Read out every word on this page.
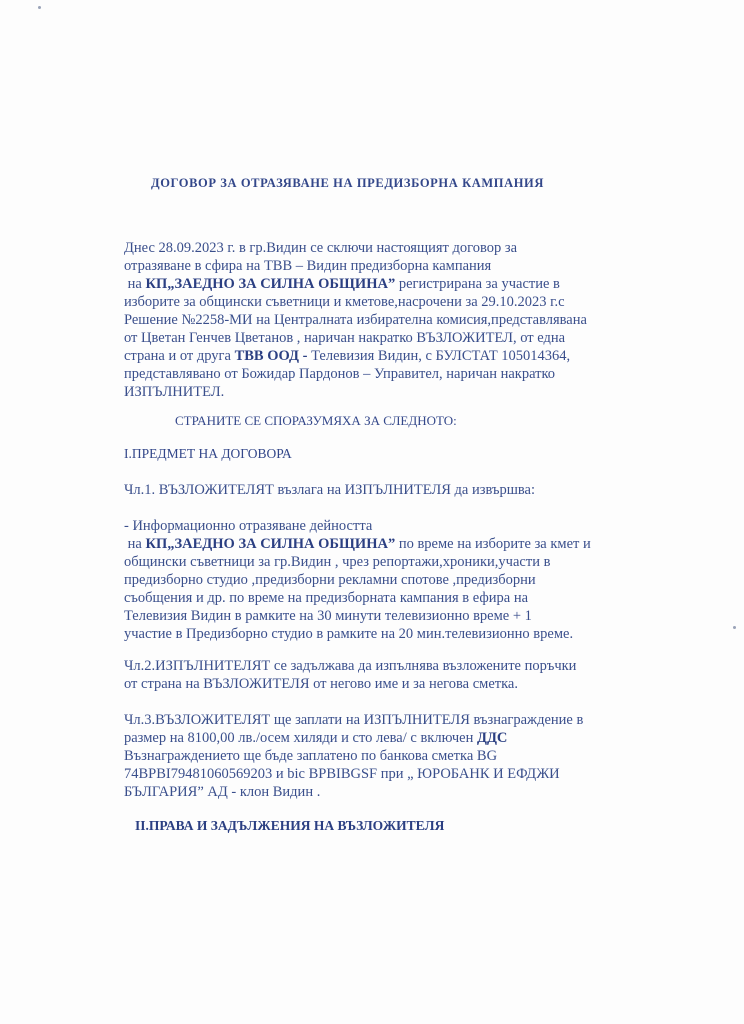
ДОГОВОР ЗА ОТРАЗЯВАНЕ НА ПРЕДИЗБОРНА КАМПАНИЯ
Днес 28.09.2023 г. в гр.Видин се сключи настоящият договор за
отразяване в сфира на ТВВ – Видин предизборна кампания
на КП„ЗАЕДНО ЗА СИЛНА ОБЩИНА” регистрирана за участие в
изборите за общински съветници и кметове,насрочени за 29.10.2023 г.с
Решение №2258-МИ на Централната избирателна комисия,представлявана
от Цветан Генчев Цветанов , наричан накратко ВЪЗЛОЖИТЕЛ, от една
страна и от друга ТВВ ООД - Телевизия Видин, с БУЛСТАТ 105014364,
представлявано от Божидар Пардонов – Управител, наричан накратко
ИЗПЪЛНИТЕЛ.
СТРАНИТЕ СЕ СПОРАЗУМЯХА ЗА СЛЕДНОТО:
I.ПРЕДМЕТ НА ДОГОВОРА
Чл.1. ВЪЗЛОЖИТЕЛЯТ възлага на ИЗПЪЛНИТЕЛЯ да извършва:
- Информационно отразяване дейността
на КП„ЗАЕДНО ЗА СИЛНА ОБЩИНА” по време на изборите за кмет и
общински съветници за гр.Видин , чрез репортажи,хроники,участи в
предизборно студио ,предизборни рекламни спотове ,предизборни
съобщения и др. по време на предизборната кампания в ефира на
Телевизия Видин в рамките на 30 минути телевизионно време + 1
участие в Предизборно студио в рамките на 20 мин.телевизионно време.
Чл.2.ИЗПЪЛНИТЕЛЯТ се задължава да изпълнява възложените поръчки
от страна на ВЪЗЛОЖИТЕЛЯ от негово име и за негова сметка.
Чл.3.ВЪЗЛОЖИТЕЛЯТ ще заплати на ИЗПЪЛНИТЕЛЯ възнаграждение в
размер на 8100,00 лв./осем хиляди и сто лева/ с включен ДДС
Възнаграждението ще бъде заплатено по банкова сметка BG
74BPBI79481060569203 и bic BPBIBGSF при „ ЮРОБАНК И ЕФДЖИ
БЪЛГАРИЯ” АД - клон Видин .
II.ПРАВА И ЗАДЪЛЖЕНИЯ НА ВЪЗЛОЖИТЕЛЯ
